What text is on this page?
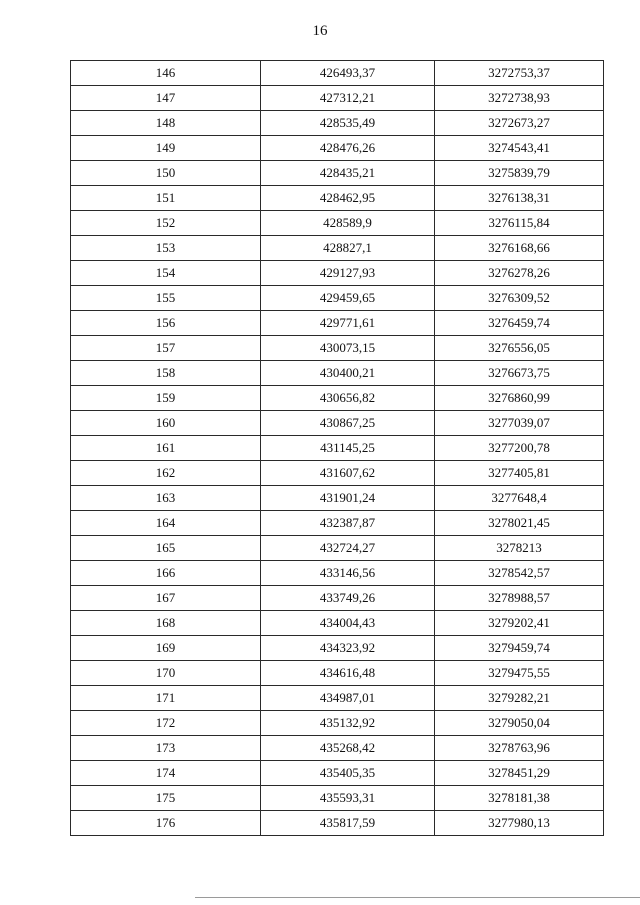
16
146	426493,37	3272753,37
147	427312,21	3272738,93
148	428535,49	3272673,27
149	428476,26	3274543,41
150	428435,21	3275839,79
151	428462,95	3276138,31
152	428589,9	3276115,84
153	428827,1	3276168,66
154	429127,93	3276278,26
155	429459,65	3276309,52
156	429771,61	3276459,74
157	430073,15	3276556,05
158	430400,21	3276673,75
159	430656,82	3276860,99
160	430867,25	3277039,07
161	431145,25	3277200,78
162	431607,62	3277405,81
163	431901,24	3277648,4
164	432387,87	3278021,45
165	432724,27	3278213
166	433146,56	3278542,57
167	433749,26	3278988,57
168	434004,43	3279202,41
169	434323,92	3279459,74
170	434616,48	3279475,55
171	434987,01	3279282,21
172	435132,92	3279050,04
173	435268,42	3278763,96
174	435405,35	3278451,29
175	435593,31	3278181,38
176	435817,59	3277980,13
